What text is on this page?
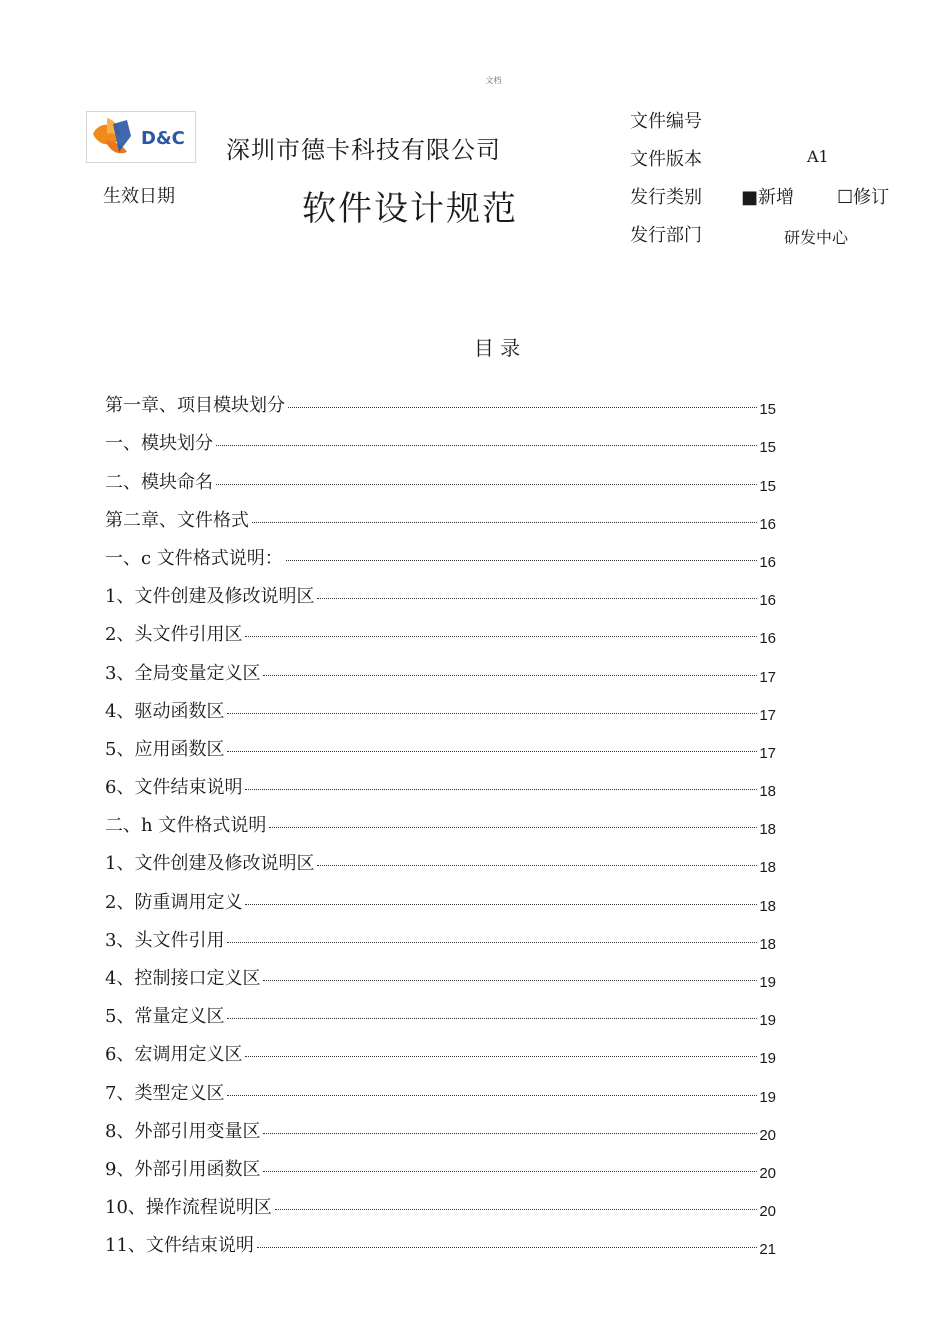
文档
D&C 深圳市德卡科技有限公司
软件设计规范
生效日期
文件编号
文件版本	A1
发行类别 ■新增 ☐修订
发行部门	研发中心
目 录
第一章、项目模块划分	15
一、模块划分	15
二、模块命名	15
第二章、文件格式	16
一、c 文件格式说明：	16
1、文件创建及修改说明区	16
2、头文件引用区	16
3、全局变量定义区	17
4、驱动函数区	17
5、应用函数区	17
6、文件结束说明	18
二、h 文件格式说明	18
1、文件创建及修改说明区	18
2、防重调用定义	18
3、头文件引用	18
4、控制接口定义区	19
5、常量定义区	19
6、宏调用定义区	19
7、类型定义区	19
8、外部引用变量区	20
9、外部引用函数区	20
10、操作流程说明区	20
11、文件结束说明	21
